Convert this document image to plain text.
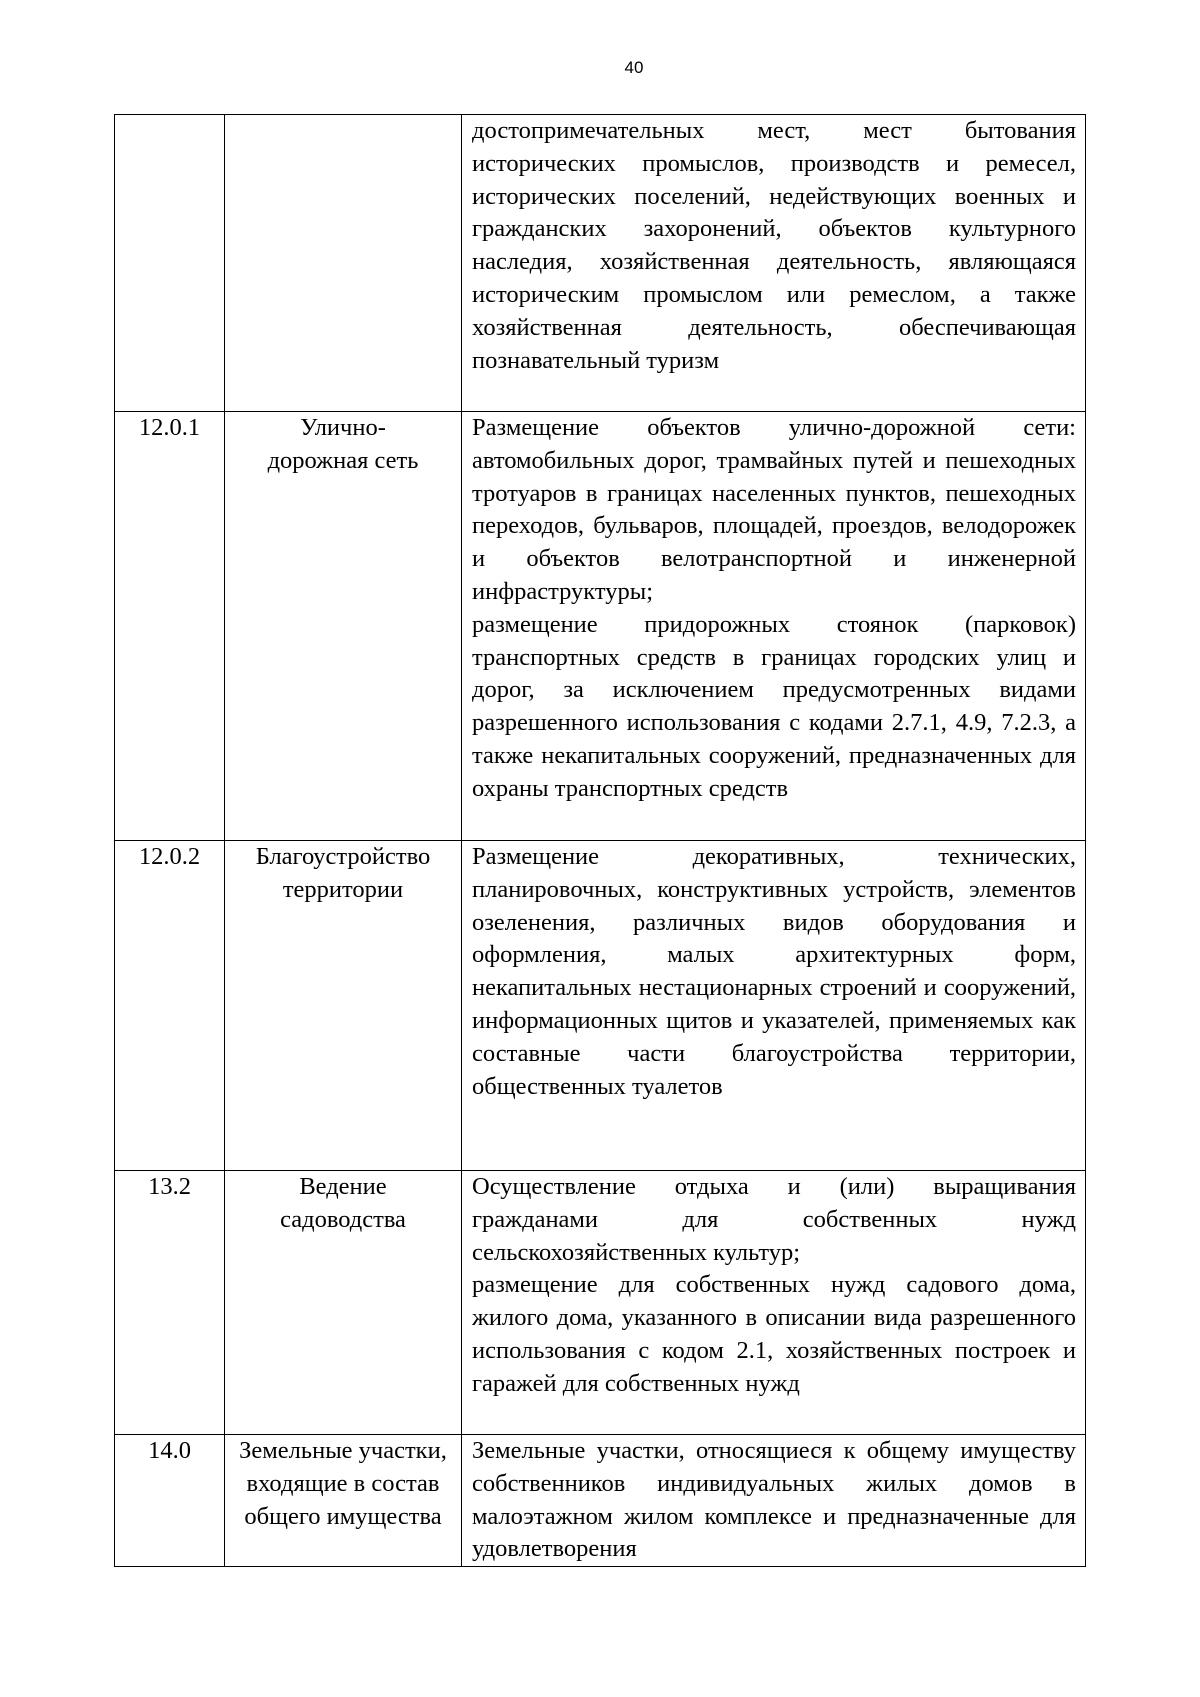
40

		достопримечательных мест, мест бытования исторических промыслов, производств и ремесел, исторических поселений, недействующих военных и гражданских захоронений, объектов культурного наследия, хозяйственная деятельность, являющаяся историческим промыслом или ремеслом, а также хозяйственная деятельность, обеспечивающая познавательный туризм

12.0.1	Улично-дорожная сеть	Размещение объектов улично-дорожной сети: автомобильных дорог, трамвайных путей и пешеходных тротуаров в границах населенных пунктов, пешеходных переходов, бульваров, площадей, проездов, велодорожек и объектов велотранспортной и инженерной инфраструктуры;

размещение придорожных стоянок (парковок) транспортных средств в границах городских улиц и дорог, за исключением предусмотренных видами разрешенного использования с кодами 2.7.1, 4.9, 7.2.3, а также некапитальных сооружений, предназначенных для охраны транспортных средств

12.0.2	Благоустройство территории	Размещение декоративных, технических, планировочных, конструктивных устройств, элементов озеленения, различных видов оборудования и оформления, малых архитектурных форм, некапитальных нестационарных строений и сооружений, информационных щитов и указателей, применяемых как составные части благоустройства территории, общественных туалетов

13.2	Ведение садоводства	Осуществление отдыха и (или) выращивания гражданами для собственных нужд сельскохозяйственных культур;

размещение для собственных нужд садового дома, жилого дома, указанного в описании вида разрешенного использования с кодом 2.1, хозяйственных построек и гаражей для собственных нужд

14.0	Земельные участки, входящие в состав общего имущества	Земельные участки, относящиеся к общему имуществу собственников индивидуальных жилых домов в малоэтажном жилом комплексе и предназначенные для удовлетворения
